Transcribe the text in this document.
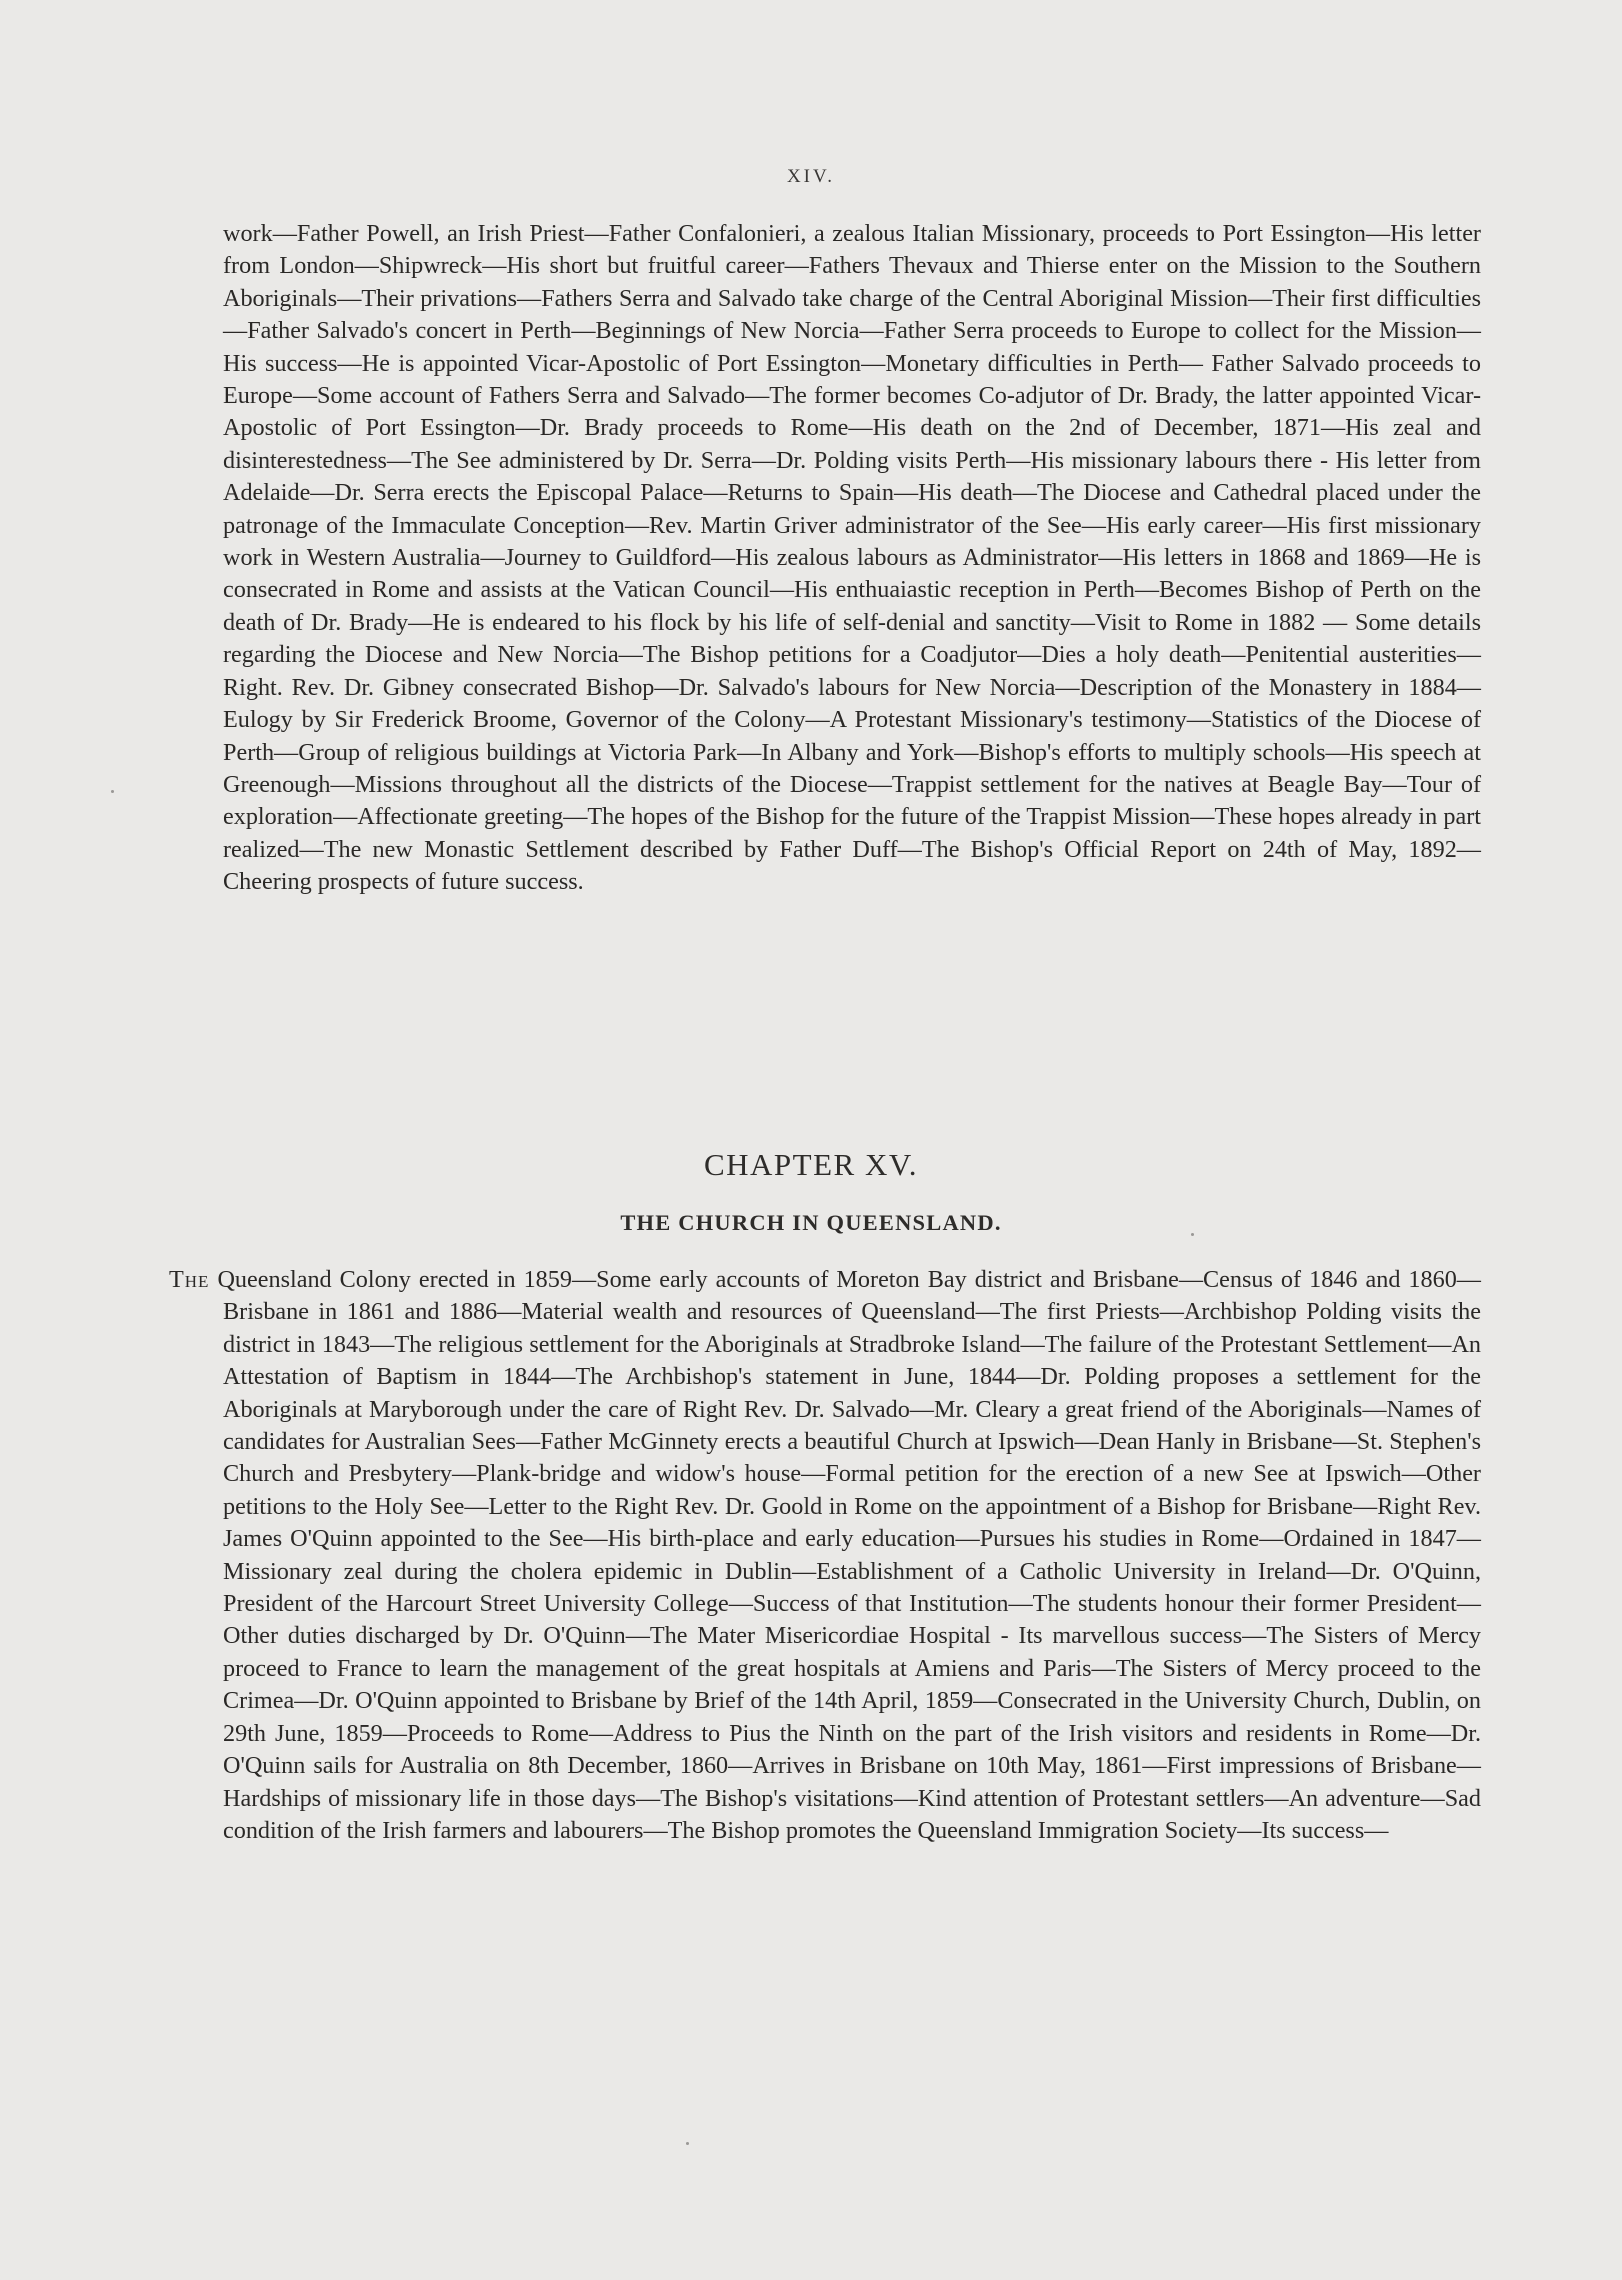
XIV.

work—Father Powell, an Irish Priest—Father Confalonieri, a zealous Italian Missionary, proceeds to Port Essington—His letter from London—Shipwreck—His short but fruitful career—Fathers Thevaux and Thierse enter on the Mission to the Southern Aboriginals—Their privations—Fathers Serra and Salvado take charge of the Central Aboriginal Mission—Their first difficulties—Father Salvado's concert in Perth—Beginnings of New Norcia—Father Serra proceeds to Europe to collect for the Mission—His success—He is appointed Vicar-Apostolic of Port Essington—Monetary difficulties in Perth— Father Salvado proceeds to Europe—Some account of Fathers Serra and Salvado—The former becomes Co-adjutor of Dr. Brady, the latter appointed Vicar-Apostolic of Port Essington—Dr. Brady proceeds to Rome—His death on the 2nd of December, 1871—His zeal and disinterestedness—The See administered by Dr. Serra—Dr. Polding visits Perth—His missionary labours there - His letter from Adelaide—Dr. Serra erects the Episcopal Palace—Returns to Spain—His death—The Diocese and Cathedral placed under the patronage of the Immaculate Conception—Rev. Martin Griver administrator of the See—His early career—His first missionary work in Western Australia—Journey to Guildford—His zealous labours as Administrator—His letters in 1868 and 1869—He is consecrated in Rome and assists at the Vatican Council—His enthuaiastic reception in Perth—Becomes Bishop of Perth on the death of Dr. Brady—He is endeared to his flock by his life of self-denial and sanctity—Visit to Rome in 1882 — Some details regarding the Diocese and New Norcia—The Bishop petitions for a Coadjutor—Dies a holy death—Penitential austerities—Right. Rev. Dr. Gibney consecrated Bishop—Dr. Salvado's labours for New Norcia—Description of the Monastery in 1884—Eulogy by Sir Frederick Broome, Governor of the Colony—A Protestant Missionary's testimony—Statistics of the Diocese of Perth—Group of religious buildings at Victoria Park—In Albany and York—Bishop's efforts to multiply schools—His speech at Greenough—Missions throughout all the districts of the Diocese—Trappist settlement for the natives at Beagle Bay—Tour of exploration—Affectionate greeting—The hopes of the Bishop for the future of the Trappist Mission—These hopes already in part realized—The new Monastic Settlement described by Father Duff—The Bishop's Official Report on 24th of May, 1892—Cheering prospects of future success.

CHAPTER XV.
THE CHURCH IN QUEENSLAND.

The Queensland Colony erected in 1859—Some early accounts of Moreton Bay district and Brisbane—Census of 1846 and 1860—Brisbane in 1861 and 1886—Material wealth and resources of Queensland—The first Priests—Archbishop Polding visits the district in 1843—The religious settlement for the Aboriginals at Stradbroke Island—The failure of the Protestant Settlement—An Attestation of Baptism in 1844—The Archbishop's statement in June, 1844—Dr. Polding proposes a settlement for the Aboriginals at Maryborough under the care of Right Rev. Dr. Salvado—Mr. Cleary a great friend of the Aboriginals—Names of candidates for Australian Sees—Father McGinnety erects a beautiful Church at Ipswich—Dean Hanly in Brisbane—St. Stephen's Church and Presbytery—Plank-bridge and widow's house—Formal petition for the erection of a new See at Ipswich—Other petitions to the Holy See—Letter to the Right Rev. Dr. Goold in Rome on the appointment of a Bishop for Brisbane—Right Rev. James O'Quinn appointed to the See—His birth-place and early education—Pursues his studies in Rome—Ordained in 1847—Missionary zeal during the cholera epidemic in Dublin—Establishment of a Catholic University in Ireland—Dr. O'Quinn, President of the Harcourt Street University College—Success of that Institution—The students honour their former President—Other duties discharged by Dr. O'Quinn—The Mater Misericordiae Hospital - Its marvellous success—The Sisters of Mercy proceed to France to learn the management of the great hospitals at Amiens and Paris—The Sisters of Mercy proceed to the Crimea—Dr. O'Quinn appointed to Brisbane by Brief of the 14th April, 1859—Consecrated in the University Church, Dublin, on 29th June, 1859—Proceeds to Rome—Address to Pius the Ninth on the part of the Irish visitors and residents in Rome—Dr. O'Quinn sails for Australia on 8th December, 1860—Arrives in Brisbane on 10th May, 1861—First impressions of Brisbane—Hardships of missionary life in those days—The Bishop's visitations—Kind attention of Protestant settlers—An adventure—Sad condition of the Irish farmers and labourers—The Bishop promotes the Queensland Immigration Society—Its success—
